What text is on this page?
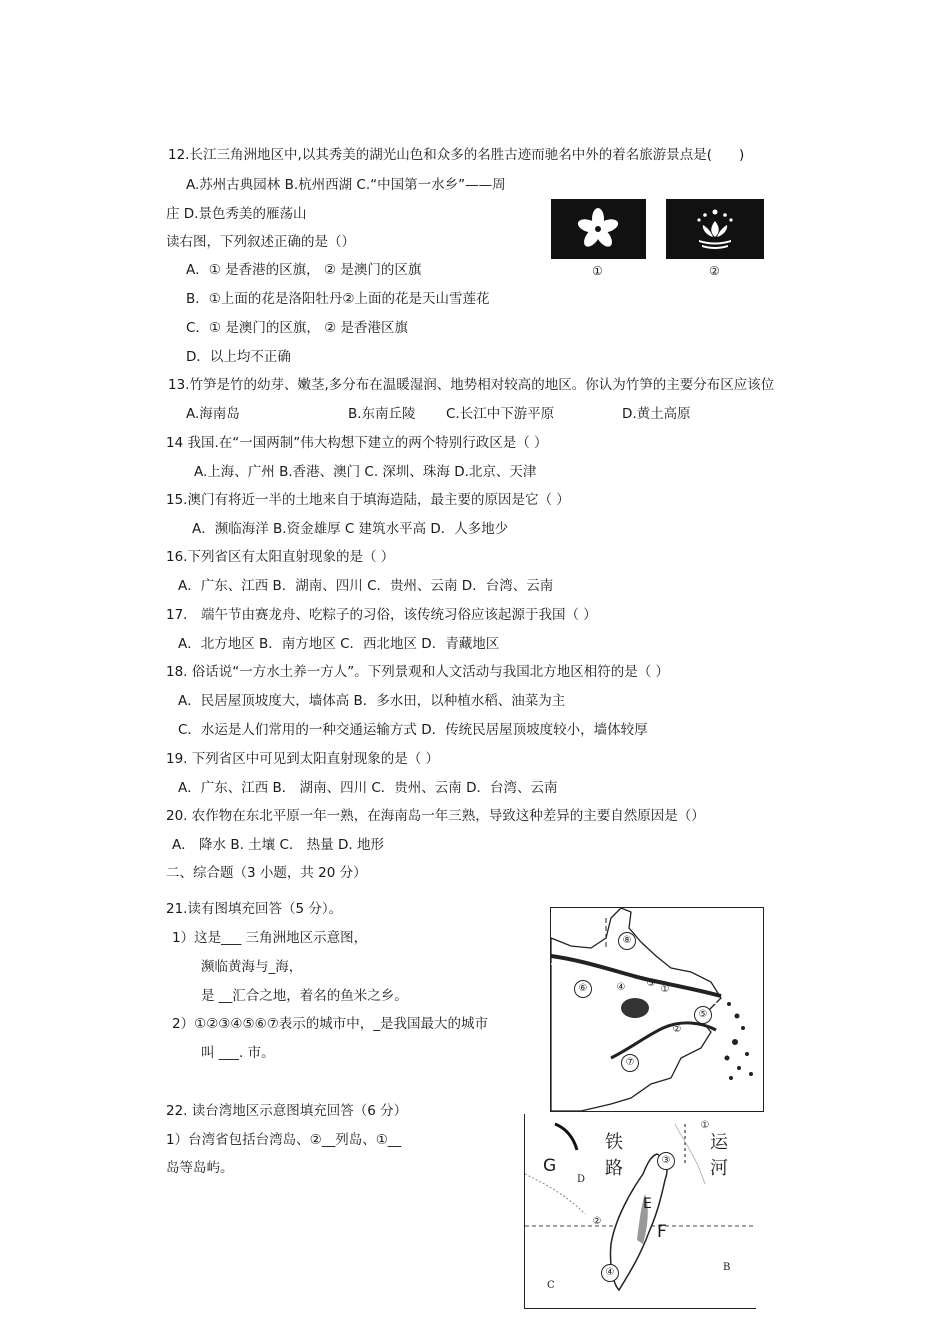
12.长江三角洲地区中,以其秀美的湖光山色和众多的名胜古迹而驰名中外的着名旅游景点是(　　)
A.苏州古典园林 B.杭州西湖 C.“中国第一水乡”——周
庄 D.景色秀美的雁荡山
读右图，下列叙述正确的是（）
A．① 是香港的区旗， ② 是澳门的区旗
B．①上面的花是洛阳牡丹②上面的花是天山雪莲花
C．① 是澳门的区旗， ② 是香港区旗
D．以上均不正确
①	②
13.竹笋是竹的幼芽、嫩茎,多分布在温暖湿润、地势相对较高的地区。你认为竹笋的主要分布区应该位
A.海南岛	B.东南丘陵 C.长江中下游平原	D.黄土高原
14 我国.在“一国两制”伟大构想下建立的两个特别行政区是（ ）
A.上海、广州 B.香港、澳门 C. 深圳、珠海 D.北京、天津
15.澳门有将近一半的土地来自于填海造陆，最主要的原因是它（ ）
A．濒临海洋 B.资金雄厚 C 建筑水平高 D．人多地少
16.下列省区有太阳直射现象的是（ ）
A．广东、江西 B．湖南、四川 C．贵州、云南 D．台湾、云南
17． 端午节由赛龙舟、吃粽子的习俗，该传统习俗应该起源于我国（ ）
A．北方地区 B．南方地区 C．西北地区 D．青藏地区
18. 俗话说“一方水土养一方人”。下列景观和人文活动与我国北方地区相符的是（ ）
A．民居屋顶坡度大，墙体高 B．多水田，以种植水稻、油菜为主
C．水运是人们常用的一种交通运输方式 D．传统民居屋顶坡度较小，墙体较厚
19. 下列省区中可见到太阳直射现象的是（ ）
A．广东、江西 B． 湖南、四川 C．贵州、云南 D．台湾、云南
20. 农作物在东北平原一年一熟，在海南岛一年三熟，导致这种差异的主要自然原因是（）
A． 降水 B. 土壤 C． 热量 D. 地形
二、综合题（3 小题，共 20 分）
21.读有图填充回答（5 分）。
1）这是___ 三角洲地区示意图，
濒临黄海与_海，
是 __汇合之地，着名的鱼米之乡。
2）①②③④⑤⑥⑦表示的城市中，_是我国最大的城市
叫 ___. 市。
⑧
⑥	④	③
①
②
⑤
⑦
22. 读台湾地区示意图填充回答（6 分）
1）台湾省包括台湾岛、②__列岛、①__
岛等岛屿。
铁
路
运
河
G
F
E
D
C
B
①
②
③
④
